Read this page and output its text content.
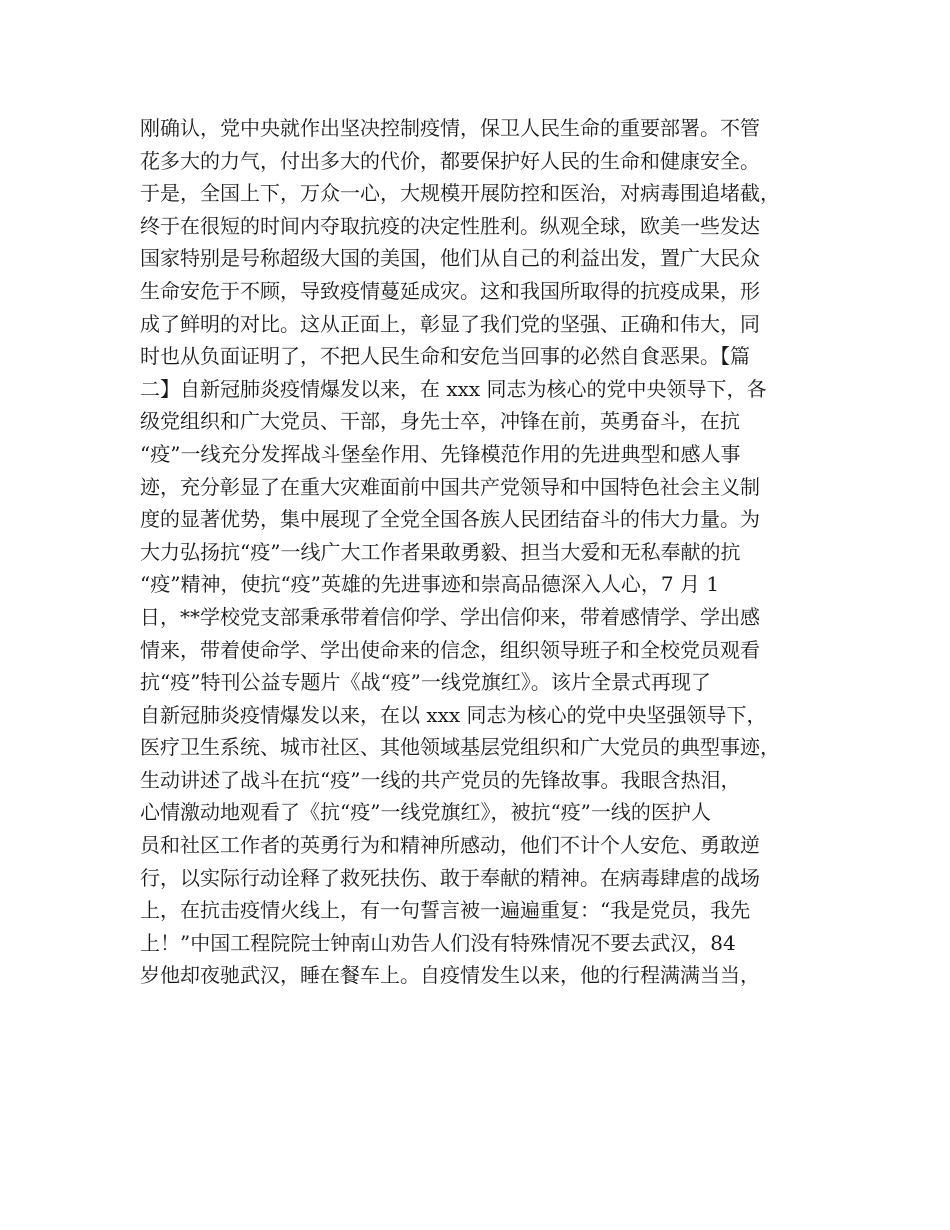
刚确认，党中央就作出坚决控制疫情，保卫人民生命的重要部署。不管
花多大的力气，付出多大的代价，都要保护好人民的生命和健康安全。
于是，全国上下，万众一心，大规模开展防控和医治，对病毒围追堵截，
终于在很短的时间内夺取抗疫的决定性胜利。纵观全球，欧美一些发达
国家特别是号称超级大国的美国，他们从自己的利益出发，置广大民众
生命安危于不顾，导致疫情蔓延成灾。这和我国所取得的抗疫成果，形
成了鲜明的对比。这从正面上，彰显了我们党的坚强、正确和伟大，同
时也从负面证明了，不把人民生命和安危当回事的必然自食恶果。【篇
二】自新冠肺炎疫情爆发以来，在 xxx 同志为核心的党中央领导下，各
级党组织和广大党员、干部，身先士卒，冲锋在前，英勇奋斗，在抗
“疫”一线充分发挥战斗堡垒作用、先锋模范作用的先进典型和感人事
迹，充分彰显了在重大灾难面前中国共产党领导和中国特色社会主义制
度的显著优势，集中展现了全党全国各族人民团结奋斗的伟大力量。为
大力弘扬抗“疫”一线广大工作者果敢勇毅、担当大爱和无私奉献的抗
“疫”精神，使抗“疫”英雄的先进事迹和崇高品德深入人心，7 月 1
日，**学校党支部秉承带着信仰学、学出信仰来，带着感情学、学出感
情来，带着使命学、学出使命来的信念，组织领导班子和全校党员观看
抗“疫”特刊公益专题片《战“疫”一线党旗红》。该片全景式再现了
自新冠肺炎疫情爆发以来，在以 xxx 同志为核心的党中央坚强领导下，
医疗卫生系统、城市社区、其他领域基层党组织和广大党员的典型事迹，
生动讲述了战斗在抗“疫”一线的共产党员的先锋故事。我眼含热泪，
心情激动地观看了《抗“疫”一线党旗红》，被抗“疫”一线的医护人
员和社区工作者的英勇行为和精神所感动，他们不计个人安危、勇敢逆
行，以实际行动诠释了救死扶伤、敢于奉献的精神。在病毒肆虐的战场
上，在抗击疫情火线上，有一句誓言被一遍遍重复：“我是党员，我先
上！”中国工程院院士钟南山劝告人们没有特殊情况不要去武汉，84
岁他却夜驰武汉，睡在餐车上。自疫情发生以来，他的行程满满当当，
